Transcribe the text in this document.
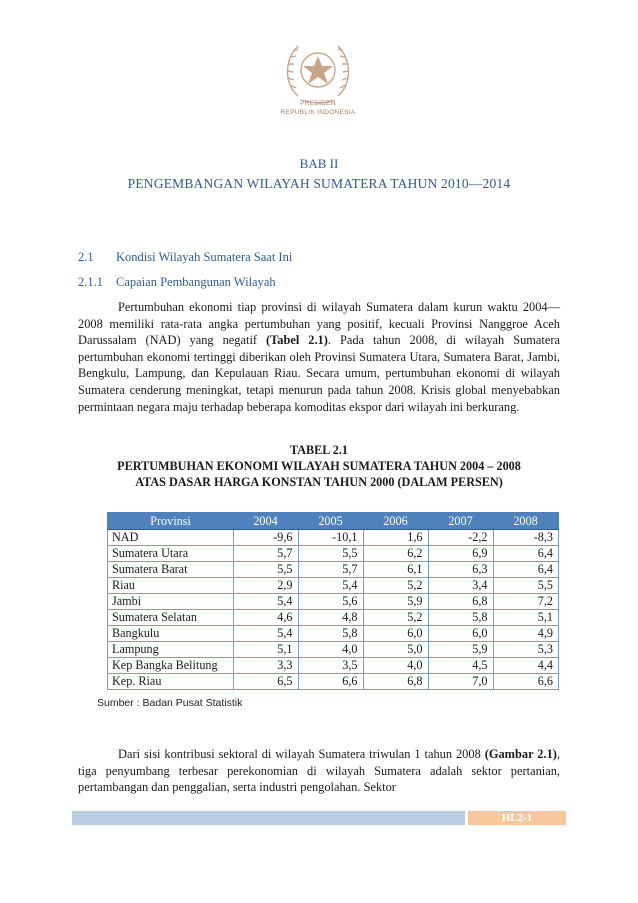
PRESIDEN
REPUBLIK INDONESIA
BAB II
PENGEMBANGAN WILAYAH SUMATERA TAHUN 2010—2014
2.1 Kondisi Wilayah Sumatera Saat Ini
2.1.1 Capaian Pembangunan Wilayah
Pertumbuhan ekonomi tiap provinsi di wilayah Sumatera dalam kurun waktu 2004—2008 memiliki rata-rata angka pertumbuhan yang positif, kecuali Provinsi Nanggroe Aceh Darussalam (NAD) yang negatif (Tabel 2.1). Pada tahun 2008, di wilayah Sumatera pertumbuhan ekonomi tertinggi diberikan oleh Provinsi Sumatera Utara, Sumatera Barat, Jambi, Bengkulu, Lampung, dan Kepulauan Riau. Secara umum, pertumbuhan ekonomi di wilayah Sumatera cenderung meningkat, tetapi menurun pada tahun 2008. Krisis global menyebabkan permintaan negara maju terhadap beberapa komoditas ekspor dari wilayah ini berkurang.
TABEL 2.1
PERTUMBUHAN EKONOMI WILAYAH SUMATERA TAHUN 2004 – 2008
ATAS DASAR HARGA KONSTAN TAHUN 2000 (DALAM PERSEN)
Provinsi	2004	2005	2006	2007	2008
NAD	-9,6	-10,1	1,6	-2,2	-8,3
Sumatera Utara	5,7	5,5	6,2	6,9	6,4
Sumatera Barat	5,5	5,7	6,1	6,3	6,4
Riau	2,9	5,4	5,2	3,4	5,5
Jambi	5,4	5,6	5,9	6,8	7,2
Sumatera Selatan	4,6	4,8	5,2	5,8	5,1
Bangkulu	5,4	5,8	6,0	6,0	4,9
Lampung	5,1	4,0	5,0	5,9	5,3
Kep Bangka Belitung	3,3	3,5	4,0	4,5	4,4
Kep. Riau	6,5	6,6	6,8	7,0	6,6
Sumber : Badan Pusat Statistik
Dari sisi kontribusi sektoral di wilayah Sumatera triwulan 1 tahun 2008 (Gambar 2.1), tiga penyumbang terbesar perekonomian di wilayah Sumatera adalah sektor pertanian, pertambangan dan penggalian, serta industri pengolahan. Sektor
HL2-1
